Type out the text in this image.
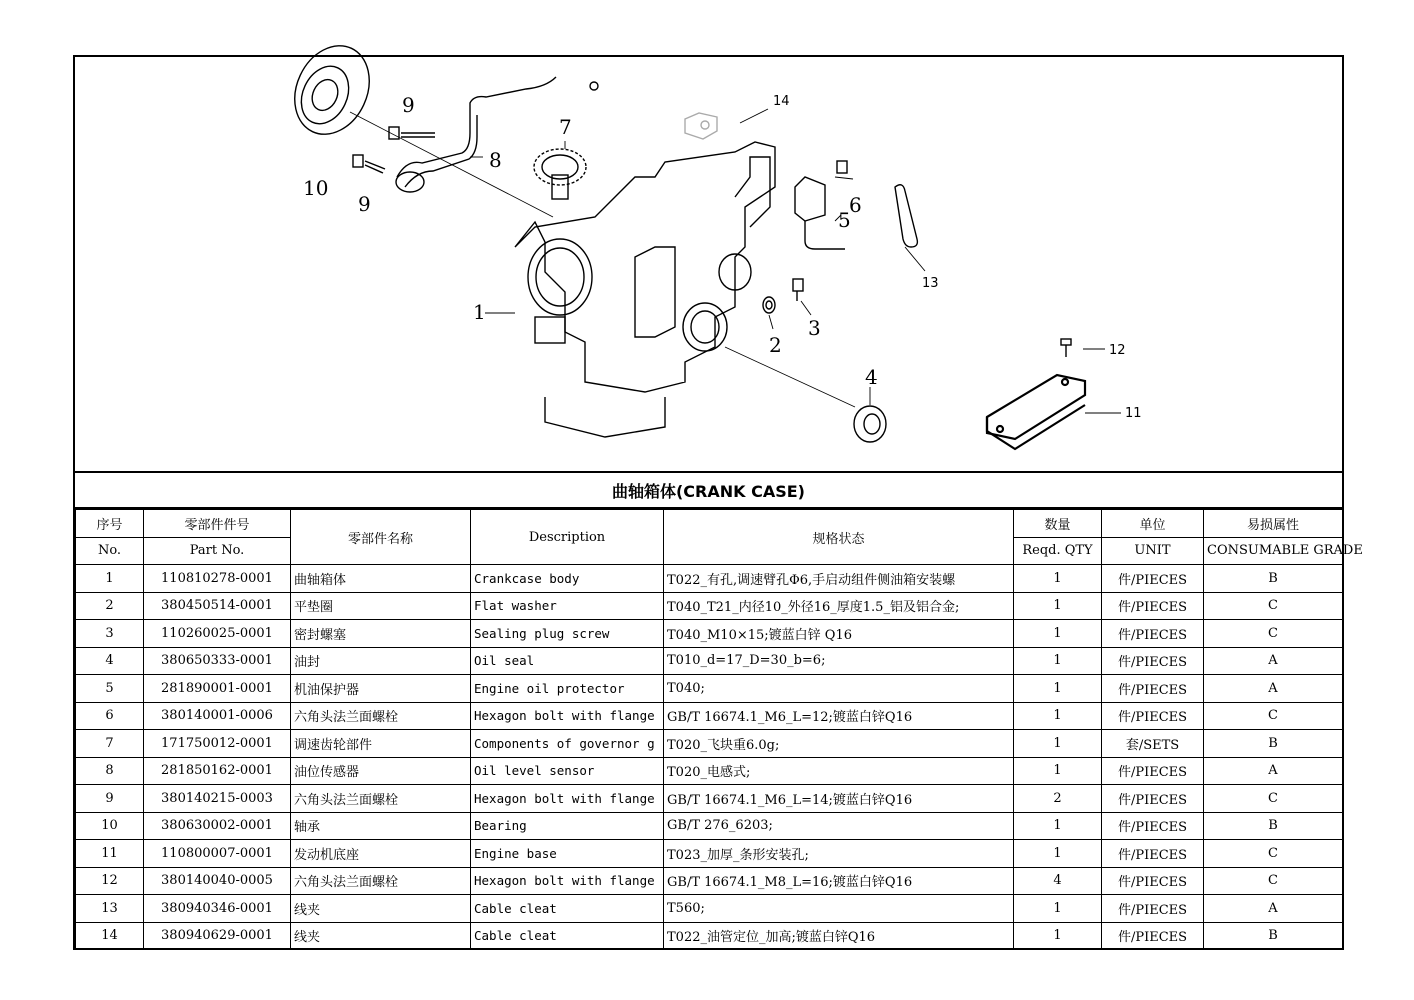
1
2
3
4
5
6
7
8
9
9
10
11
12
13
14
曲轴箱体(CRANK CASE)
序号	零部件件号	零部件名称	Description	规格状态	数量	单位	易损属性
No.	Part No.				Reqd. QTY	UNIT	CONSUMABLE GRADE
1	110810278-0001	曲轴箱体	Crankcase body	T022_有孔,调速臂孔Φ6,手启动组件侧油箱安装螺	1	件/PIECES	B
2	380450514-0001	平垫圈	Flat washer	T040_T21_内径10_外径16_厚度1.5_铝及铝合金;	1	件/PIECES	C
3	110260025-0001	密封螺塞	Sealing plug screw	T040_M10×15;镀蓝白锌 Q16	1	件/PIECES	C
4	380650333-0001	油封	Oil seal	T010_d=17_D=30_b=6;	1	件/PIECES	A
5	281890001-0001	机油保护器	Engine oil protector	T040;	1	件/PIECES	A
6	380140001-0006	六角头法兰面螺栓	Hexagon bolt with flange	GB/T 16674.1_M6_L=12;镀蓝白锌Q16	1	件/PIECES	C
7	171750012-0001	调速齿轮部件	Components of governor g	T020_飞块重6.0g;	1	套/SETS	B
8	281850162-0001	油位传感器	Oil level sensor	T020_电感式;	1	件/PIECES	A
9	380140215-0003	六角头法兰面螺栓	Hexagon bolt with flange	GB/T 16674.1_M6_L=14;镀蓝白锌Q16	2	件/PIECES	C
10	380630002-0001	轴承	Bearing	GB/T 276_6203;	1	件/PIECES	B
11	110800007-0001	发动机底座	Engine base	T023_加厚_条形安装孔;	1	件/PIECES	C
12	380140040-0005	六角头法兰面螺栓	Hexagon bolt with flange	GB/T 16674.1_M8_L=16;镀蓝白锌Q16	4	件/PIECES	C
13	380940346-0001	线夹	Cable cleat	T560;	1	件/PIECES	A
14	380940629-0001	线夹	Cable cleat	T022_油管定位_加高;镀蓝白锌Q16	1	件/PIECES	B
